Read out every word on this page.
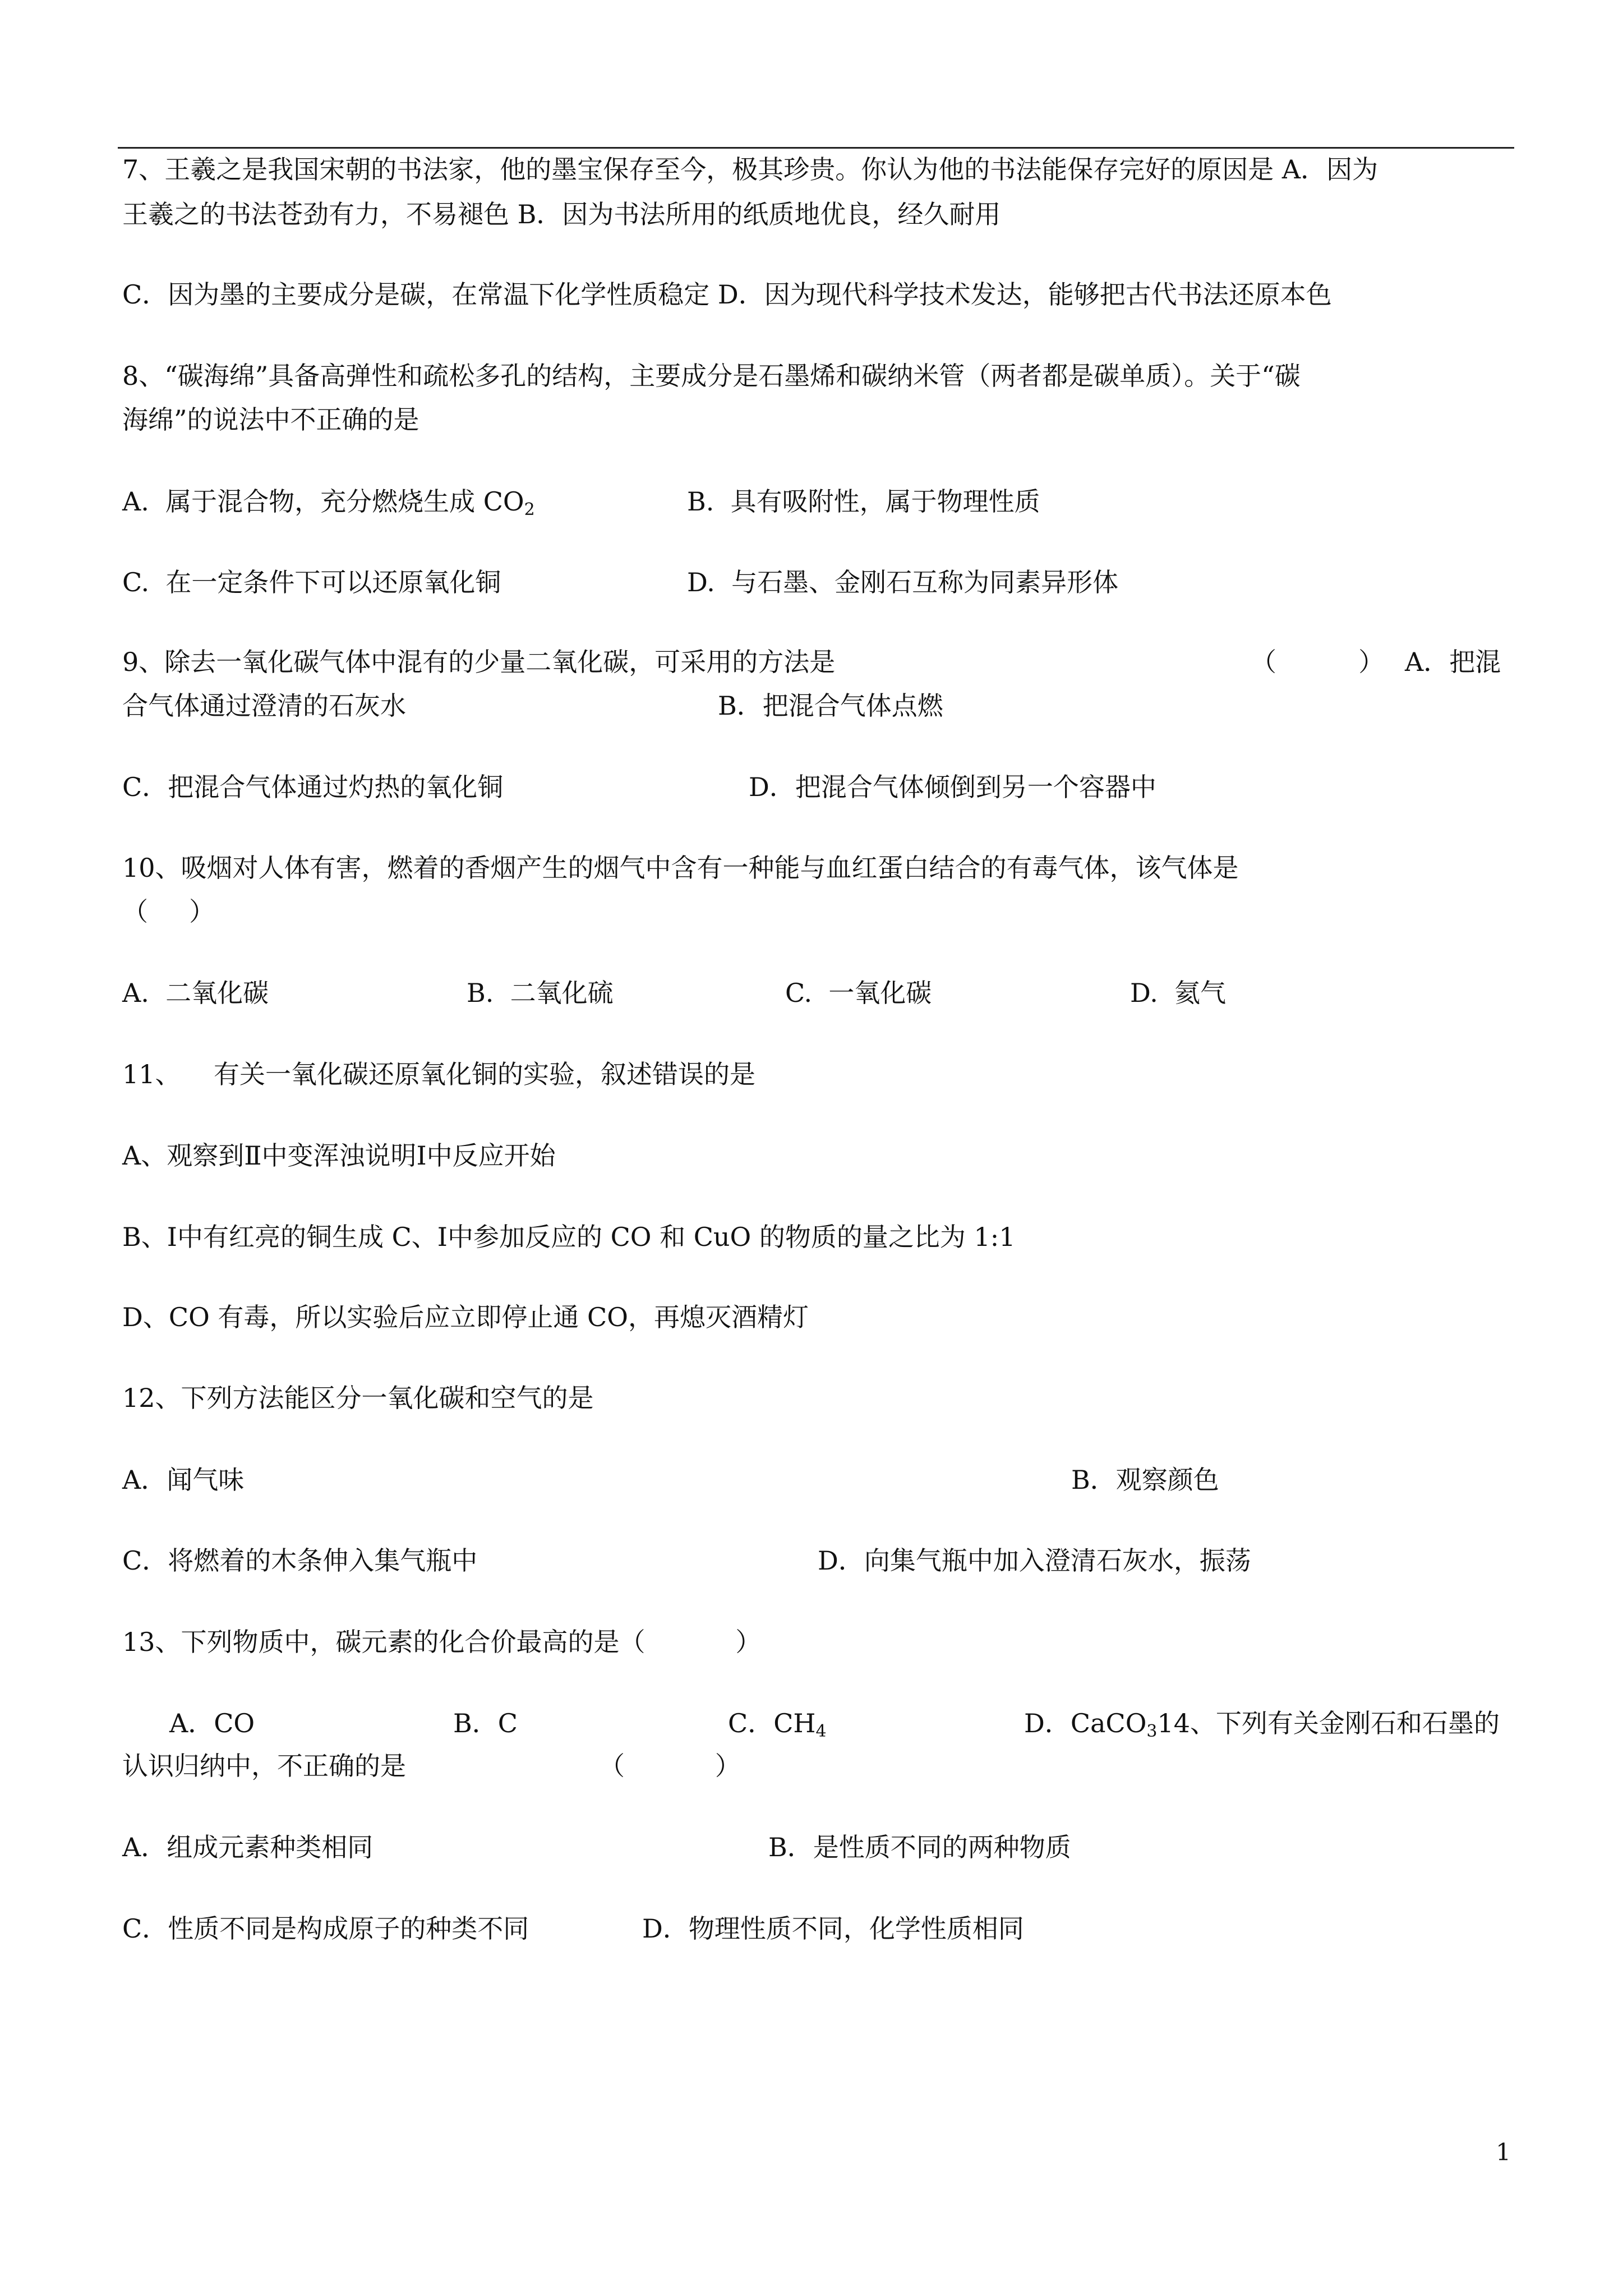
7、王羲之是我国宋朝的书法家，他的墨宝保存至今，极其珍贵。你认为他的书法能保存完好的原因是 A．因为

王羲之的书法苍劲有力，不易褪色 B．因为书法所用的纸质地优良，经久耐用

C．因为墨的主要成分是碳，在常温下化学性质稳定 D．因为现代科学技术发达，能够把古代书法还原本色

8、“碳海绵”具备高弹性和疏松多孔的结构，主要成分是石墨烯和碳纳米管（两者都是碳单质）。关于“碳

海绵”的说法中不正确的是

A.  属于混合物，充分燃烧生成 $CO_2$	B.  具有吸附性，属于物理性质

C.  在一定条件下可以还原氧化铜	D.  与石墨、金刚石互称为同素异形体

9、除去一氧化碳气体中混有的少量二氧化碳，可采用的方法是	（          ） A．把混

合气体通过澄清的石灰水	B．把混合气体点燃

C．把混合气体通过灼热的氧化铜	D．把混合气体倾倒到另一个容器中

10、吸烟对人体有害，燃着的香烟产生的烟气中含有一种能与血红蛋白结合的有毒气体，该气体是

（     ）

A.  二氧化碳	B.  二氧化硫	C.  一氧化碳	D.  氦气

11、    有关一氧化碳还原氧化铜的实验，叙述错误的是

A、观察到Ⅱ中变浑浊说明Ⅰ中反应开始

B、Ⅰ中有红亮的铜生成 C、Ⅰ中参加反应的 CO 和 CuO 的物质的量之比为 1:1

D、CO 有毒，所以实验后应立即停止通 CO，再熄灭酒精灯

12、下列方法能区分一氧化碳和空气的是

A．闻气味	B．观察颜色

C．将燃着的木条伸入集气瓶中	D．向集气瓶中加入澄清石灰水，振荡

13、下列物质中，碳元素的化合价最高的是（           ）

A．CO	B．C	C．$CH_4$	D．CaCO$_3$14、下列有关金刚石和石墨的

认识归纳中，不正确的是	（           ）

A．组成元素种类相同	B．是性质不同的两种物质

C．性质不同是构成原子的种类不同	D．物理性质不同，化学性质相同
1
